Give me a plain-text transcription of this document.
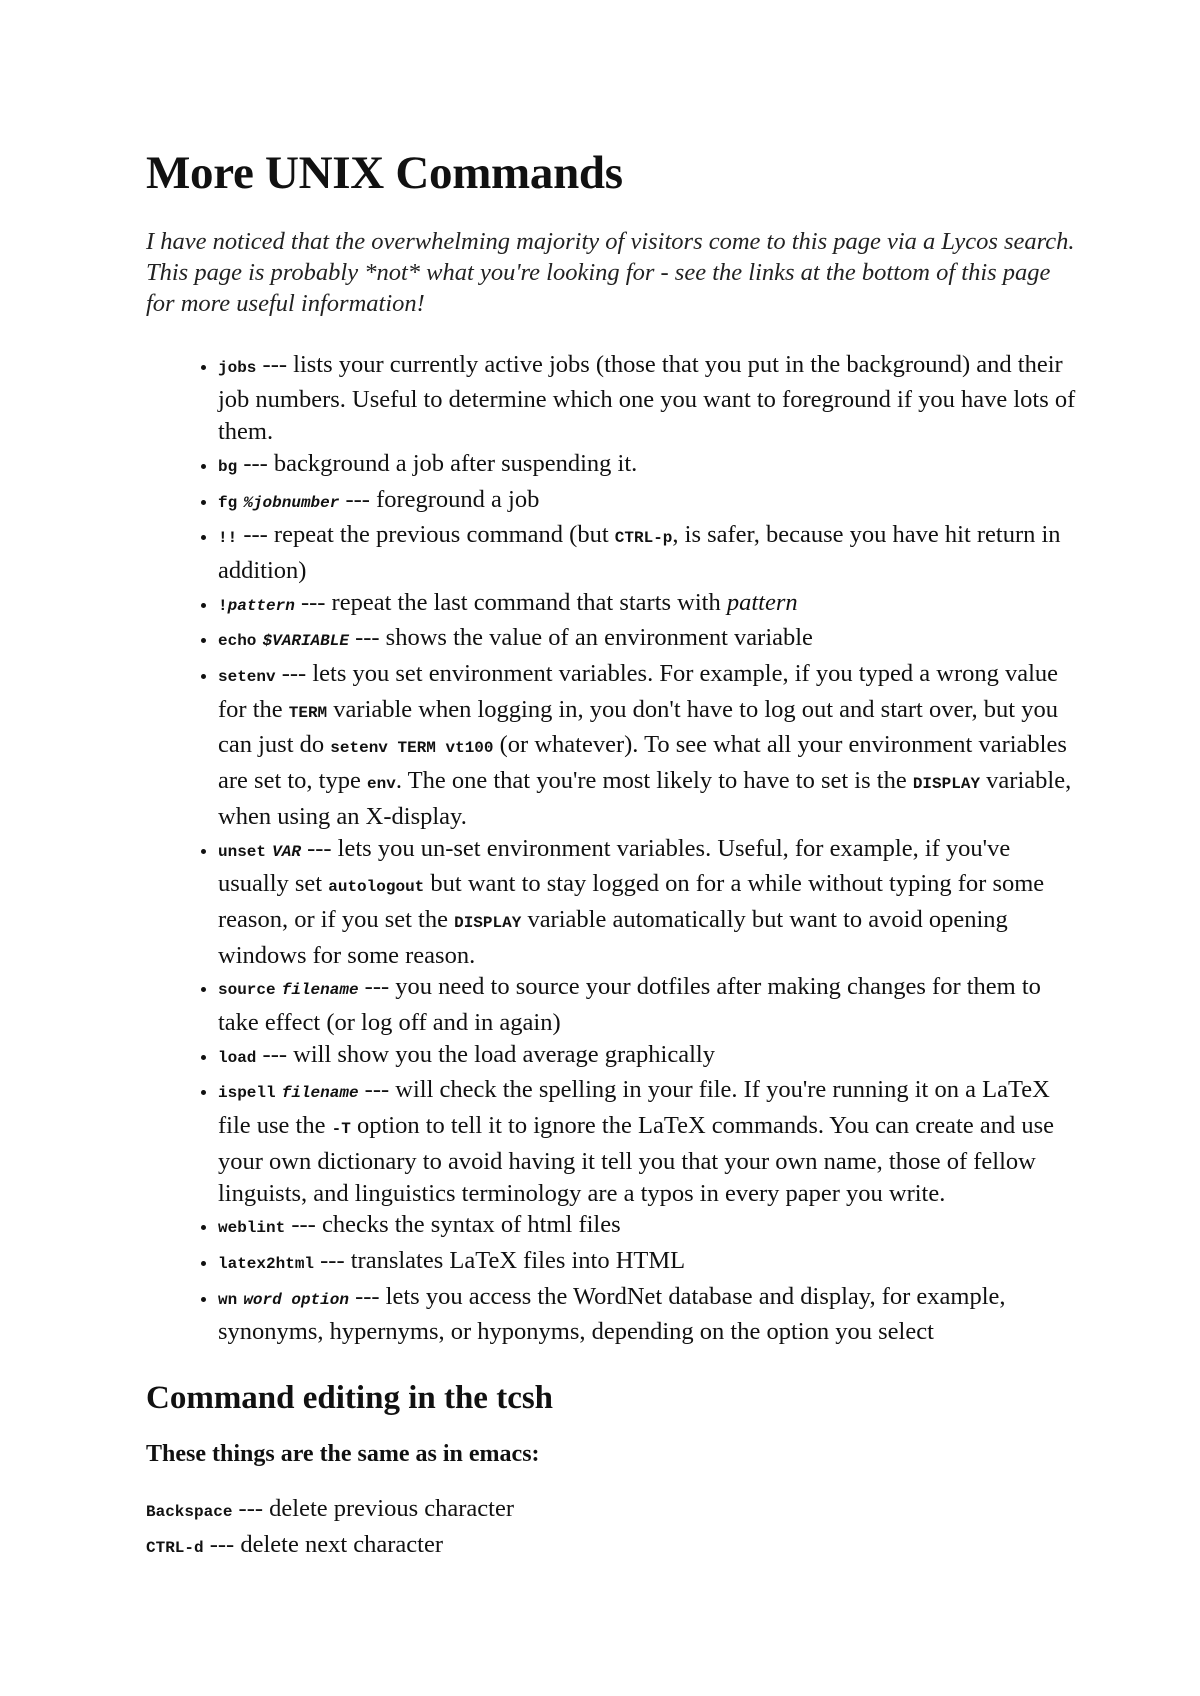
More UNIX Commands

I have noticed that the overwhelming majority of visitors come to this page via a Lycos search. This page is probably *not* what you're looking for - see the links at the bottom of this page for more useful information!

• jobs --- lists your currently active jobs (those that you put in the background) and their job numbers. Useful to determine which one you want to foreground if you have lots of them.
• bg --- background a job after suspending it.
• fg %jobnumber --- foreground a job
• !! --- repeat the previous command (but CTRL-p, is safer, because you have hit return in addition)
• !pattern --- repeat the last command that starts with pattern
• echo $VARIABLE --- shows the value of an environment variable
• setenv --- lets you set environment variables. For example, if you typed a wrong value for the TERM variable when logging in, you don't have to log out and start over, but you can just do setenv TERM vt100 (or whatever). To see what all your environment variables are set to, type env. The one that you're most likely to have to set is the DISPLAY variable, when using an X-display.
• unset VAR --- lets you un-set environment variables. Useful, for example, if you've usually set autologout but want to stay logged on for a while without typing for some reason, or if you set the DISPLAY variable automatically but want to avoid opening windows for some reason.
• source filename --- you need to source your dotfiles after making changes for them to take effect (or log off and in again)
• load --- will show you the load average graphically
• ispell filename --- will check the spelling in your file. If you're running it on a LaTeX file use the -T option to tell it to ignore the LaTeX commands. You can create and use your own dictionary to avoid having it tell you that your own name, those of fellow linguists, and linguistics terminology are a typos in every paper you write.
• weblint --- checks the syntax of html files
• latex2html --- translates LaTeX files into HTML
• wn word option --- lets you access the WordNet database and display, for example, synonyms, hypernyms, or hyponyms, depending on the option you select
Command editing in the tcsh
These things are the same as in emacs:

Backspace --- delete previous character

CTRL-d --- delete next character
